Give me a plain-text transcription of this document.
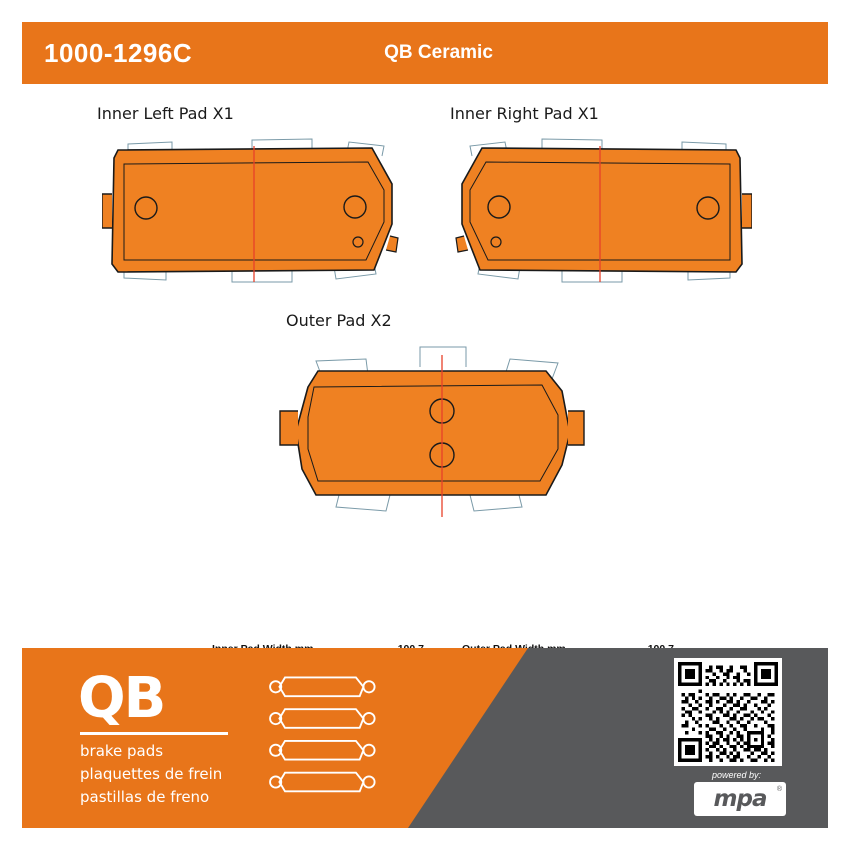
1000-1296C	QB Ceramic
Inner Left Pad X1	Inner Right Pad X1
Outer Pad X2
QB
brake pads
plaquettes de frein
pastillas de freno
powered by:
mpa ®
